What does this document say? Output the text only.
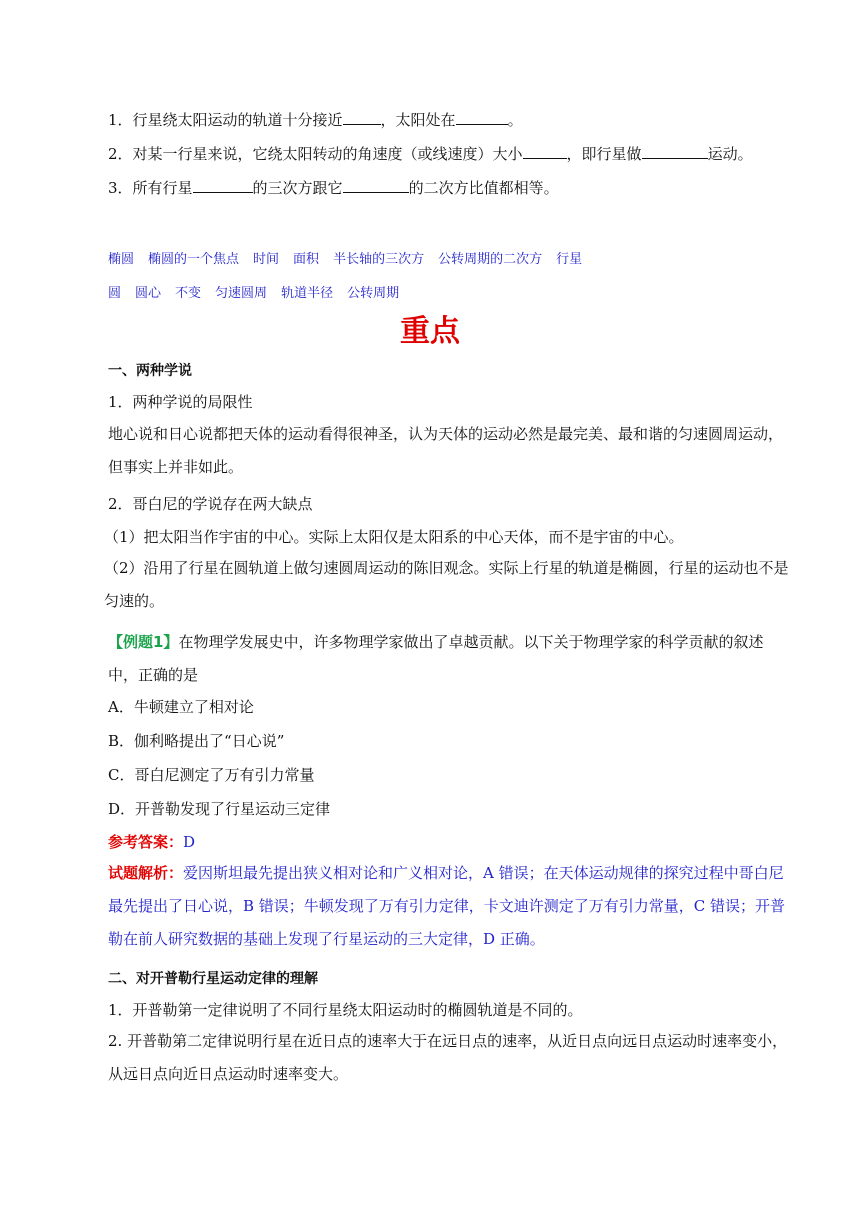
1．行星绕太阳运动的轨道十分接近	，太阳处在	。
2．对某一行星来说，它绕太阳转动的角速度（或线速度）大小	，即行星做	运动。
3．所有行星	的三次方跟它	的二次方比值都相等。
椭圆 椭圆的一个焦点 时间 面积 半长轴的三次方 公转周期的二次方 行星
圆 圆心 不变 匀速圆周 轨道半径 公转周期
重点
一、两种学说
1．两种学说的局限性
地心说和日心说都把天体的运动看得很神圣，认为天体的运动必然是最完美、最和谐的匀速圆周运动，但事实上并非如此。
2．哥白尼的学说存在两大缺点
（1）把太阳当作宇宙的中心。实际上太阳仅是太阳系的中心天体，而不是宇宙的中心。
（2）沿用了行星在圆轨道上做匀速圆周运动的陈旧观念。实际上行星的轨道是椭圆，行星的运动也不是匀速的。
【例题1】在物理学发展史中，许多物理学家做出了卓越贡献。以下关于物理学家的科学贡献的叙述中，正确的是
A．牛顿建立了相对论
B．伽利略提出了“日心说”
C．哥白尼测定了万有引力常量
D．开普勒发现了行星运动三定律
参考答案：D
试题解析：爱因斯坦最先提出狭义相对论和广义相对论，A 错误；在天体运动规律的探究过程中哥白尼最先提出了日心说，B 错误；牛顿发现了万有引力定律，卡文迪许测定了万有引力常量，C 错误；开普勒在前人研究数据的基础上发现了行星运动的三大定律，D 正确。
二、对开普勒行星运动定律的理解
1．开普勒第一定律说明了不同行星绕太阳运动时的椭圆轨道是不同的。
2. 开普勒第二定律说明行星在近日点的速率大于在远日点的速率，从近日点向远日点运动时速率变小，从远日点向近日点运动时速率变大。
